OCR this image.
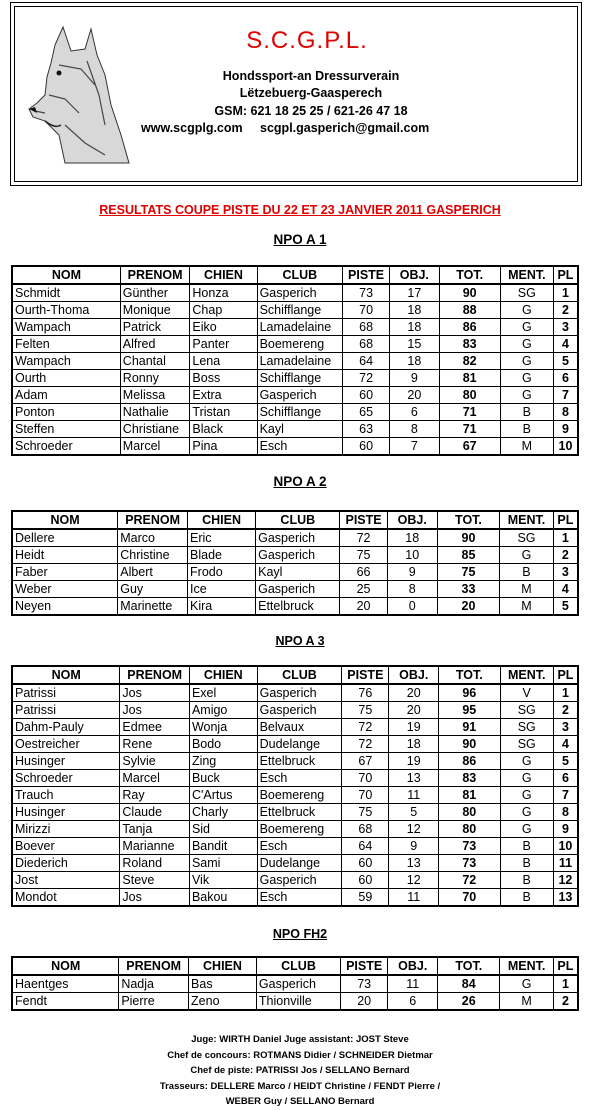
S.C.G.P.L.
Hondssport-an Dressurverain
Lëtzebuerg-Gaasperech
GSM: 621 18 25 25 / 621-26 47 18
www.scgplg.com scgpl.gasperich@gmail.com
RESULTATS COUPE PISTE DU 22 ET 23 JANVIER 2011 GASPERICH
NPO A 1
NOM	PRENOM	CHIEN	CLUB	PISTE	OBJ.	TOT.	MENT.	PL
Schmidt	Günther	Honza	Gasperich	73	17	90	SG	1
Ourth-Thoma	Monique	Chap	Schifflange	70	18	88	G	2
Wampach	Patrick	Eiko	Lamadelaine	68	18	86	G	3
Felten	Alfred	Panter	Boemereng	68	15	83	G	4
Wampach	Chantal	Lena	Lamadelaine	64	18	82	G	5
Ourth	Ronny	Boss	Schifflange	72	9	81	G	6
Adam	Melissa	Extra	Gasperich	60	20	80	G	7
Ponton	Nathalie	Tristan	Schifflange	65	6	71	B	8
Steffen	Christiane	Black	Kayl	63	8	71	B	9
Schroeder	Marcel	Pina	Esch	60	7	67	M	10
NPO A 2
NOM	PRENOM	CHIEN	CLUB	PISTE	OBJ.	TOT.	MENT.	PL
Dellere	Marco	Eric	Gasperich	72	18	90	SG	1
Heidt	Christine	Blade	Gasperich	75	10	85	G	2
Faber	Albert	Frodo	Kayl	66	9	75	B	3
Weber	Guy	Ice	Gasperich	25	8	33	M	4
Neyen	Marinette	Kira	Ettelbruck	20	0	20	M	5
NPO A 3
NOM	PRENOM	CHIEN	CLUB	PISTE	OBJ.	TOT.	MENT.	PL
Patrissi	Jos	Exel	Gasperich	76	20	96	V	1
Patrissi	Jos	Amigo	Gasperich	75	20	95	SG	2
Dahm-Pauly	Edmee	Wonja	Belvaux	72	19	91	SG	3
Oestreicher	Rene	Bodo	Dudelange	72	18	90	SG	4
Husinger	Sylvie	Zing	Ettelbruck	67	19	86	G	5
Schroeder	Marcel	Buck	Esch	70	13	83	G	6
Trauch	Ray	C'Artus	Boemereng	70	11	81	G	7
Husinger	Claude	Charly	Ettelbruck	75	5	80	G	8
Mirizzi	Tanja	Sid	Boemereng	68	12	80	G	9
Boever	Marianne	Bandit	Esch	64	9	73	B	10
Diederich	Roland	Sami	Dudelange	60	13	73	B	11
Jost	Steve	Vik	Gasperich	60	12	72	B	12
Mondot	Jos	Bakou	Esch	59	11	70	B	13
NPO FH2
NOM	PRENOM	CHIEN	CLUB	PISTE	OBJ.	TOT.	MENT.	PL
Haentges	Nadja	Bas	Gasperich	73	11	84	G	1
Fendt	Pierre	Zeno	Thionville	20	6	26	M	2
Juge: WIRTH Daniel Juge assistant: JOST Steve
Chef de concours: ROTMANS Didier / SCHNEIDER Dietmar
Chef de piste: PATRISSI Jos / SELLANO Bernard
Trasseurs: DELLERE Marco / HEIDT Christine / FENDT Pierre /
WEBER Guy / SELLANO Bernard
